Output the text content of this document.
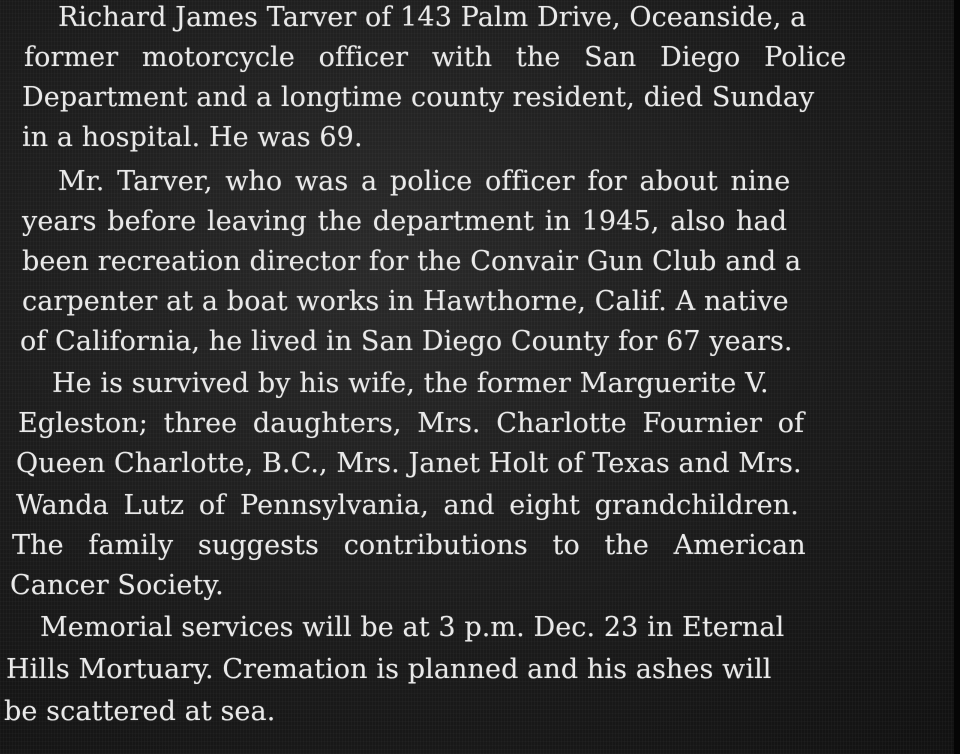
Richard James Tarver of 143 Palm Drive, Oceanside, a
former motorcycle officer with the San Diego Police
Department and a longtime county resident, died Sunday
in a hospital. He was 69.
Mr. Tarver, who was a police officer for about nine
years before leaving the department in 1945, also had
been recreation director for the Convair Gun Club and a
carpenter at a boat works in Hawthorne, Calif. A native
of California, he lived in San Diego County for 67 years.
He is survived by his wife, the former Marguerite V.
Egleston; three daughters, Mrs. Charlotte Fournier of
Queen Charlotte, B.C., Mrs. Janet Holt of Texas and Mrs.
Wanda Lutz of Pennsylvania, and eight grandchildren.
The family suggests contributions to the American
Cancer Society.
Memorial services will be at 3 p.m. Dec. 23 in Eternal
Hills Mortuary. Cremation is planned and his ashes will
be scattered at sea.
